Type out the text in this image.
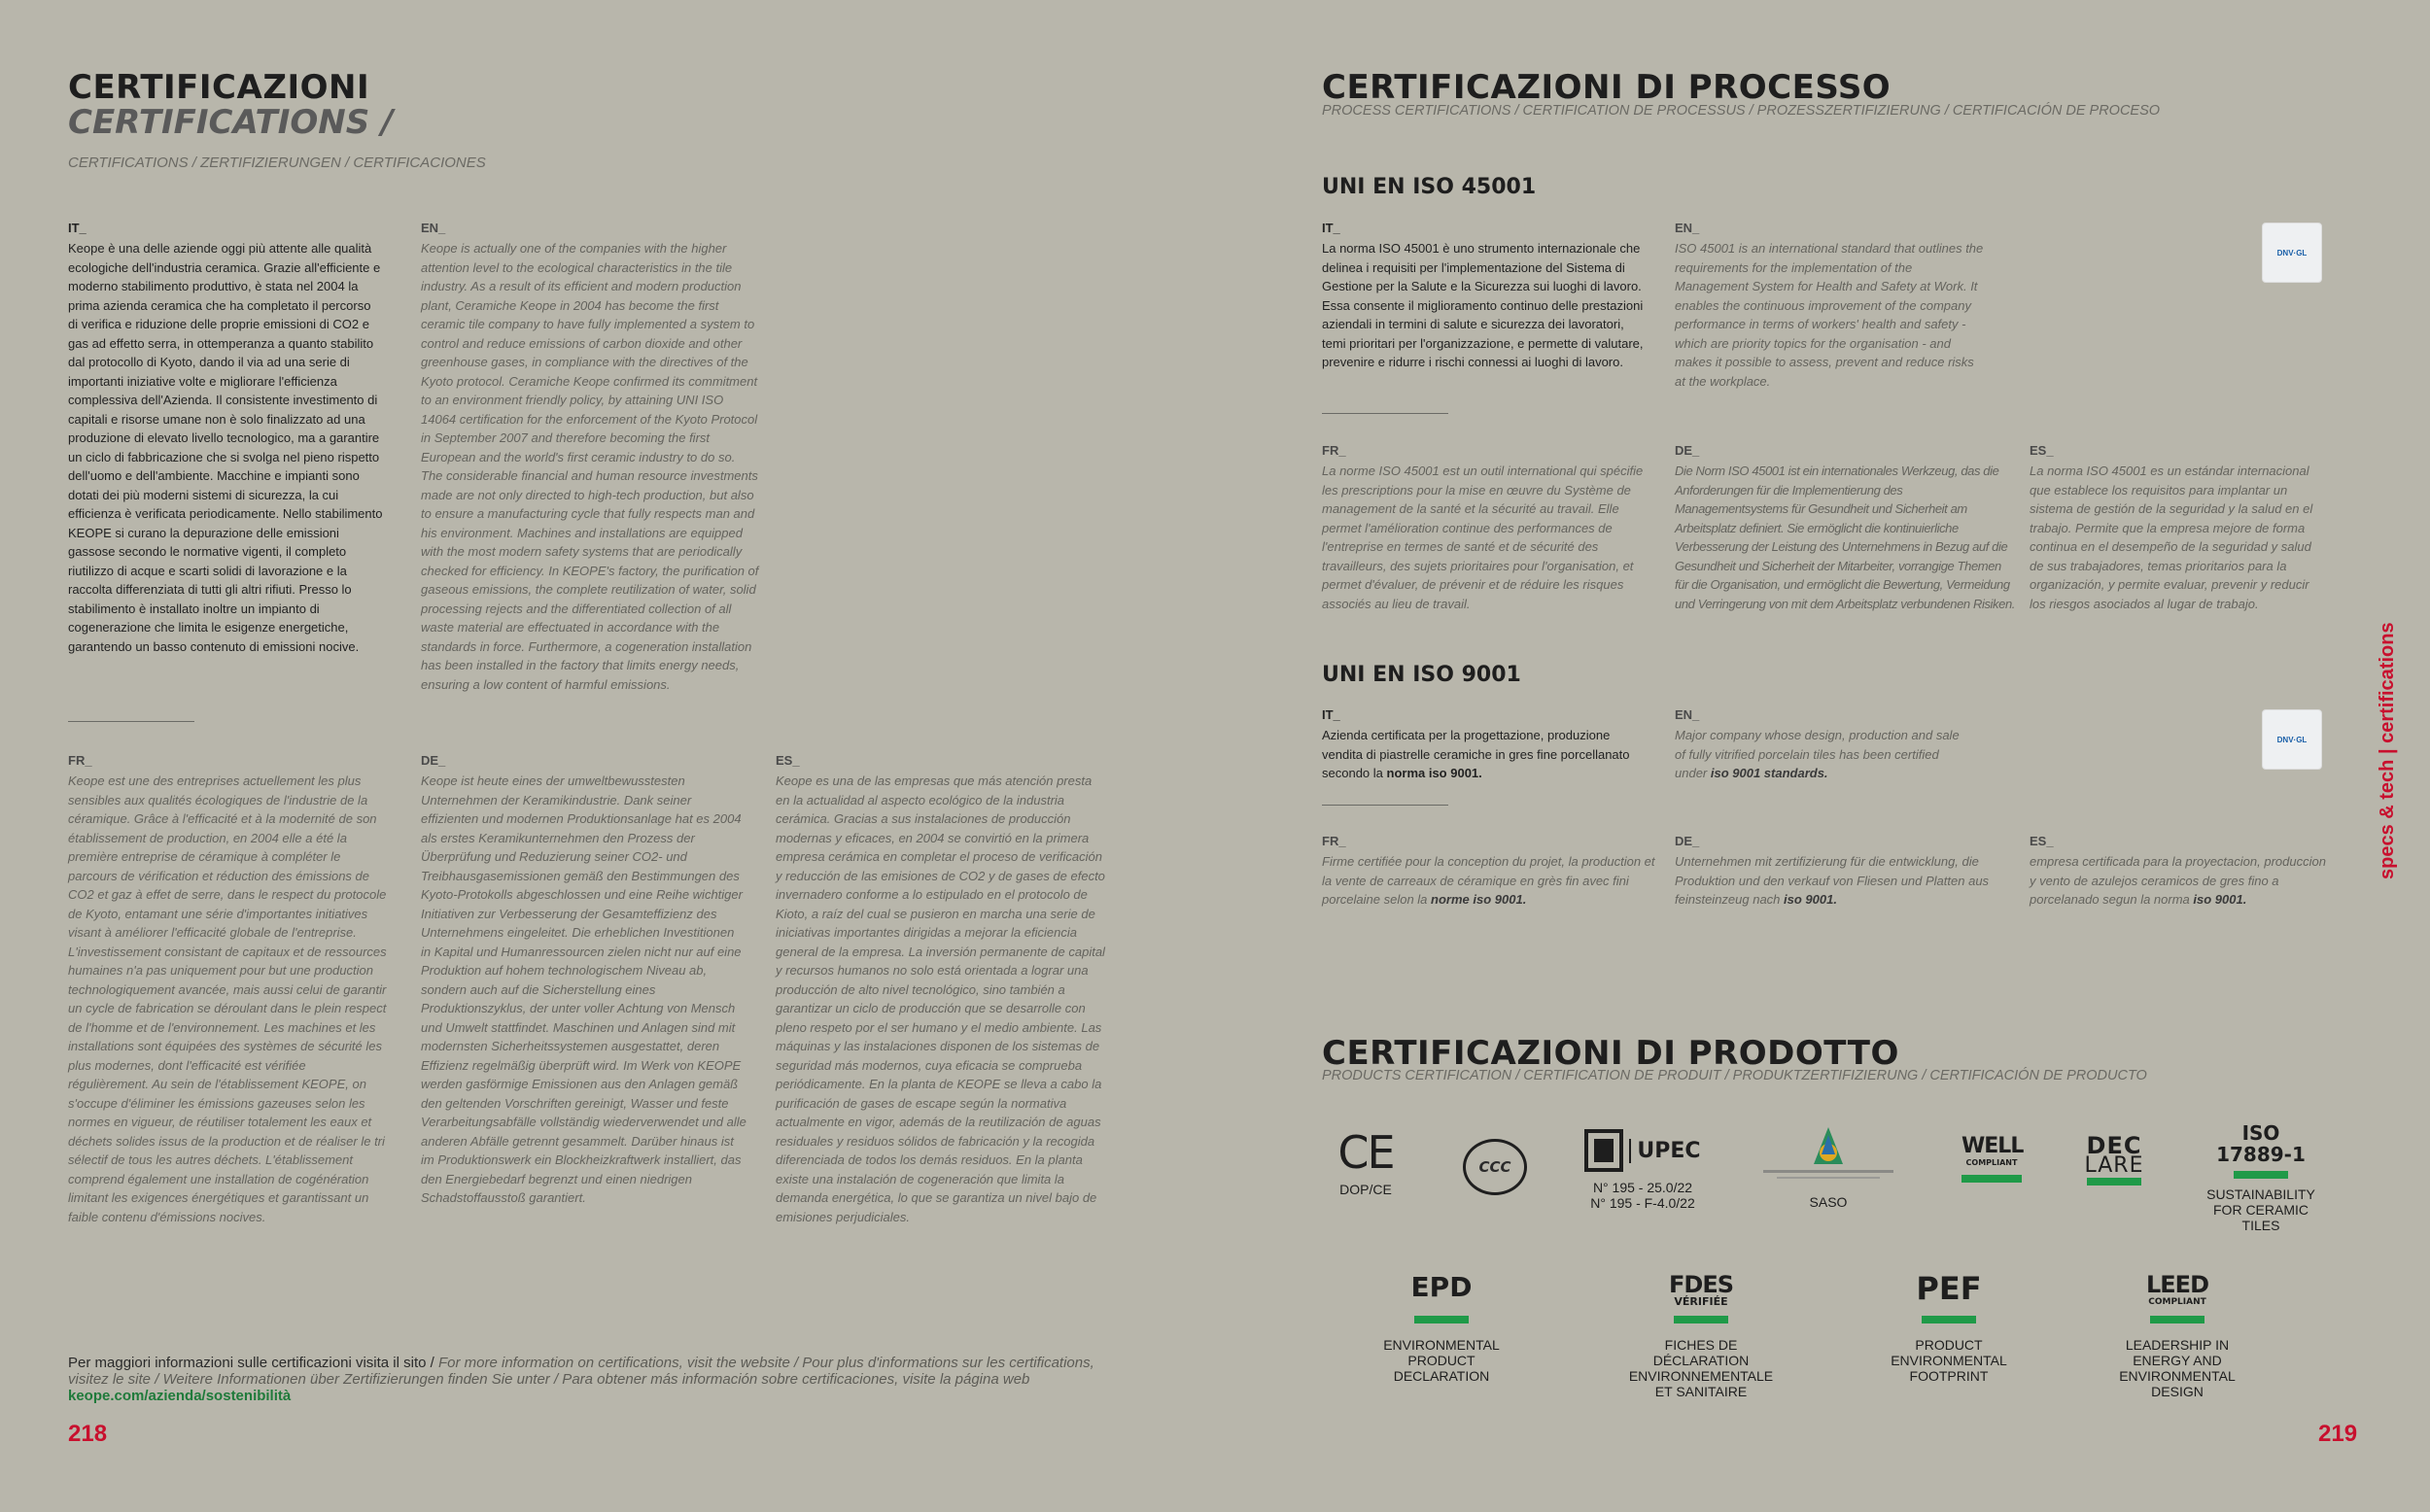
CERTIFICAZIONI
CERTIFICATIONS /
CERTIFICATIONS / ZERTIFIZIERUNGEN / CERTIFICACIONES
IT_
Keope è una delle aziende oggi più attente alle qualità ecologiche dell'industria ceramica. Grazie all'efficiente e moderno stabilimento produttivo, è stata nel 2004 la prima azienda ceramica che ha completato il percorso di verifica e riduzione delle proprie emissioni di CO2 e gas ad effetto serra, in ottemperanza a quanto stabilito dal protocollo di Kyoto, dando il via ad una serie di importanti iniziative volte e migliorare l'efficienza complessiva dell'Azienda. Il consistente investimento di capitali e risorse umane non è solo finalizzato ad una produzione di elevato livello tecnologico, ma a garantire un ciclo di fabbricazione che si svolga nel pieno rispetto dell'uomo e dell'ambiente. Macchine e impianti sono dotati dei più moderni sistemi di sicurezza, la cui efficienza è verificata periodicamente. Nello stabilimento KEOPE si curano la depurazione delle emissioni gassose secondo le normative vigenti, il completo riutilizzo di acque e scarti solidi di lavorazione e la raccolta differenziata di tutti gli altri rifiuti. Presso lo stabilimento è installato inoltre un impianto di cogenerazione che limita le esigenze energetiche, garantendo un basso contenuto di emissioni nocive.
EN_
Keope is actually one of the companies with the higher attention level to the ecological characteristics in the tile industry. As a result of its efficient and modern production plant, Ceramiche Keope in 2004 has become the first ceramic tile company to have fully implemented a system to control and reduce emissions of carbon dioxide and other greenhouse gases, in compliance with the directives of the Kyoto protocol. Ceramiche Keope confirmed its commitment to an environment friendly policy, by attaining UNI ISO 14064 certification for the enforcement of the Kyoto Protocol in September 2007 and therefore becoming the first European and the world's first ceramic industry to do so. The considerable financial and human resource investments made are not only directed to high-tech production, but also to ensure a manufacturing cycle that fully respects man and his environment. Machines and installations are equipped with the most modern safety systems that are periodically checked for efficiency. In KEOPE's factory, the purification of gaseous emissions, the complete reutilization of water, solid processing rejects and the differentiated collection of all waste material are effectuated in accordance with the standards in force. Furthermore, a cogeneration installation has been installed in the factory that limits energy needs, ensuring a low content of harmful emissions.
FR_
Keope est une des entreprises actuellement les plus sensibles aux qualités écologiques de l'industrie de la céramique. Grâce à l'efficacité et à la modernité de son établissement de production, en 2004 elle a été la première entreprise de céramique à compléter le parcours de vérification et réduction des émissions de CO2 et gaz à effet de serre, dans le respect du protocole de Kyoto, entamant une série d'importantes initiatives visant à améliorer l'efficacité globale de l'entreprise. L'investissement consistant de capitaux et de ressources humaines n'a pas uniquement pour but une production technologiquement avancée, mais aussi celui de garantir un cycle de fabrication se déroulant dans le plein respect de l'homme et de l'environnement. Les machines et les installations sont équipées des systèmes de sécurité les plus modernes, dont l'efficacité est vérifiée régulièrement. Au sein de l'établissement KEOPE, on s'occupe d'éliminer les émissions gazeuses selon les normes en vigueur, de réutiliser totalement les eaux et déchets solides issus de la production et de réaliser le tri sélectif de tous les autres déchets. L'établissement comprend également une installation de cogénération limitant les exigences énergétiques et garantissant un faible contenu d'émissions nocives.
DE_
Keope ist heute eines der umweltbewusstesten Unternehmen der Keramikindustrie. Dank seiner effizienten und modernen Produktionsanlage hat es 2004 als erstes Keramikunternehmen den Prozess der Überprüfung und Reduzierung seiner CO2- und Treibhausgasemissionen gemäß den Bestimmungen des Kyoto-Protokolls abgeschlossen und eine Reihe wichtiger Initiativen zur Verbesserung der Gesamteffizienz des Unternehmens eingeleitet. Die erheblichen Investitionen in Kapital und Humanressourcen zielen nicht nur auf eine Produktion auf hohem technologischem Niveau ab, sondern auch auf die Sicherstellung eines Produktionszyklus, der unter voller Achtung von Mensch und Umwelt stattfindet. Maschinen und Anlagen sind mit modernsten Sicherheitssystemen ausgestattet, deren Effizienz regelmäßig überprüft wird. Im Werk von KEOPE werden gasförmige Emissionen aus den Anlagen gemäß den geltenden Vorschriften gereinigt, Wasser und feste Verarbeitungsabfälle vollständig wiederverwendet und alle anderen Abfälle getrennt gesammelt. Darüber hinaus ist im Produktionswerk ein Blockheizkraftwerk installiert, das den Energiebedarf begrenzt und einen niedrigen Schadstoffausstoß garantiert.
ES_
Keope es una de las empresas que más atención presta en la actualidad al aspecto ecológico de la industria cerámica. Gracias a sus instalaciones de producción modernas y eficaces, en 2004 se convirtió en la primera empresa cerámica en completar el proceso de verificación y reducción de las emisiones de CO2 y de gases de efecto invernadero conforme a lo estipulado en el protocolo de Kioto, a raíz del cual se pusieron en marcha una serie de iniciativas importantes dirigidas a mejorar la eficiencia general de la empresa. La inversión permanente de capital y recursos humanos no solo está orientada a lograr una producción de alto nivel tecnológico, sino también a garantizar un ciclo de producción que se desarrolle con pleno respeto por el ser humano y el medio ambiente. Las máquinas y las instalaciones disponen de los sistemas de seguridad más modernos, cuya eficacia se comprueba periódicamente. En la planta de KEOPE se lleva a cabo la purificación de gases de escape según la normativa actualmente en vigor, además de la reutilización de aguas residuales y residuos sólidos de fabricación y la recogida diferenciada de todos los demás residuos. En la planta existe una instalación de cogeneración que limita la demanda energética, lo que se garantiza un nivel bajo de emisiones perjudiciales.
Per maggiori informazioni sulle certificazioni visita il sito / For more information on certifications, visit the website / Pour plus d'informations sur les certifications, visitez le site / Weitere Informationen über Zertifizierungen finden Sie unter / Para obtener más información sobre certificaciones, visite la página web keope.com/azienda/sostenibilità
218
CERTIFICAZIONI DI PROCESSO
PROCESS CERTIFICATIONS / CERTIFICATION DE PROCESSUS / PROZESSZERTIFIZIERUNG / CERTIFICACIÓN DE PROCESO
UNI EN ISO 45001
IT_
La norma ISO 45001 è uno strumento internazionale che delinea i requisiti per l'implementazione del Sistema di Gestione per la Salute e la Sicurezza sui luoghi di lavoro. Essa consente il miglioramento continuo delle prestazioni aziendali in termini di salute e sicurezza dei lavoratori, temi prioritari per l'organizzazione, e permette di valutare, prevenire e ridurre i rischi connessi ai luoghi di lavoro.
EN_
ISO 45001 is an international standard that outlines the requirements for the implementation of the Management System for Health and Safety at Work. It enables the continuous improvement of the company performance in terms of workers' health and safety - which are priority topics for the organisation - and makes it possible to assess, prevent and reduce risks at the workplace.
DNV·GL
FR_
La norme ISO 45001 est un outil international qui spécifie les prescriptions pour la mise en œuvre du Système de management de la santé et la sécurité au travail. Elle permet l'amélioration continue des performances de l'entreprise en termes de santé et de sécurité des travailleurs, des sujets prioritaires pour l'organisation, et permet d'évaluer, de prévenir et de réduire les risques associés au lieu de travail.
DE_
Die Norm ISO 45001 ist ein internationales Werkzeug, das die Anforderungen für die Implementierung des Managementsystems für Gesundheit und Sicherheit am Arbeitsplatz definiert. Sie ermöglicht die kontinuierliche Verbesserung der Leistung des Unternehmens in Bezug auf die Gesundheit und Sicherheit der Mitarbeiter, vorrangige Themen für die Organisation, und ermöglicht die Bewertung, Vermeidung und Verringerung von mit dem Arbeitsplatz verbundenen Risiken.
ES_
La norma ISO 45001 es un estándar internacional que establece los requisitos para implantar un sistema de gestión de la seguridad y la salud en el trabajo. Permite que la empresa mejore de forma continua en el desempeño de la seguridad y salud de sus trabajadores, temas prioritarios para la organización, y permite evaluar, prevenir y reducir los riesgos asociados al lugar de trabajo.
UNI EN ISO 9001
IT_
Azienda certificata per la progettazione, produzione vendita di piastrelle ceramiche in gres fine porcellanato secondo la norma iso 9001.
EN_
Major company whose design, production and sale of fully vitrified porcelain tiles has been certified under iso 9001 standards.
DNV·GL
FR_
Firme certifiée pour la conception du projet, la production et la vente de carreaux de céramique en grès fin avec fini porcelaine selon la norme iso 9001.
DE_
Unternehmen mit zertifizierung für die entwicklung, die Produktion und den verkauf von Fliesen und Platten aus feinsteinzeug nach iso 9001.
ES_
empresa certificada para la proyectacion, produccion y vento de azulejos ceramicos de gres fino a porcelanado segun la norma iso 9001.
CERTIFICAZIONI DI PRODOTTO
PRODUCTS CERTIFICATION / CERTIFICATION DE PRODUIT / PRODUKTZERTIFIZIERUNG / CERTIFICACIÓN DE PRODUCTO
CE
DOP/CE
CCC
UPEC
N° 195 - 25.0/22
N° 195 - F-4.0/22	SASO
WELL
COMPLIANT
DEC
LARE
ISO
17889-1
SUSTAINABILITY
FOR CERAMIC
TILES
EPD
ENVIRONMENTAL
PRODUCT
DECLARATION
FDES
VÉRIFIÉE
FICHES DE
DÉCLARATION
ENVIRONNEMENTALE
ET SANITAIRE
PEF
PRODUCT
ENVIRONMENTAL
FOOTPRINT
LEED
COMPLIANT
LEADERSHIP IN
ENERGY AND
ENVIRONMENTAL
DESIGN
specs & tech | certifications
219
